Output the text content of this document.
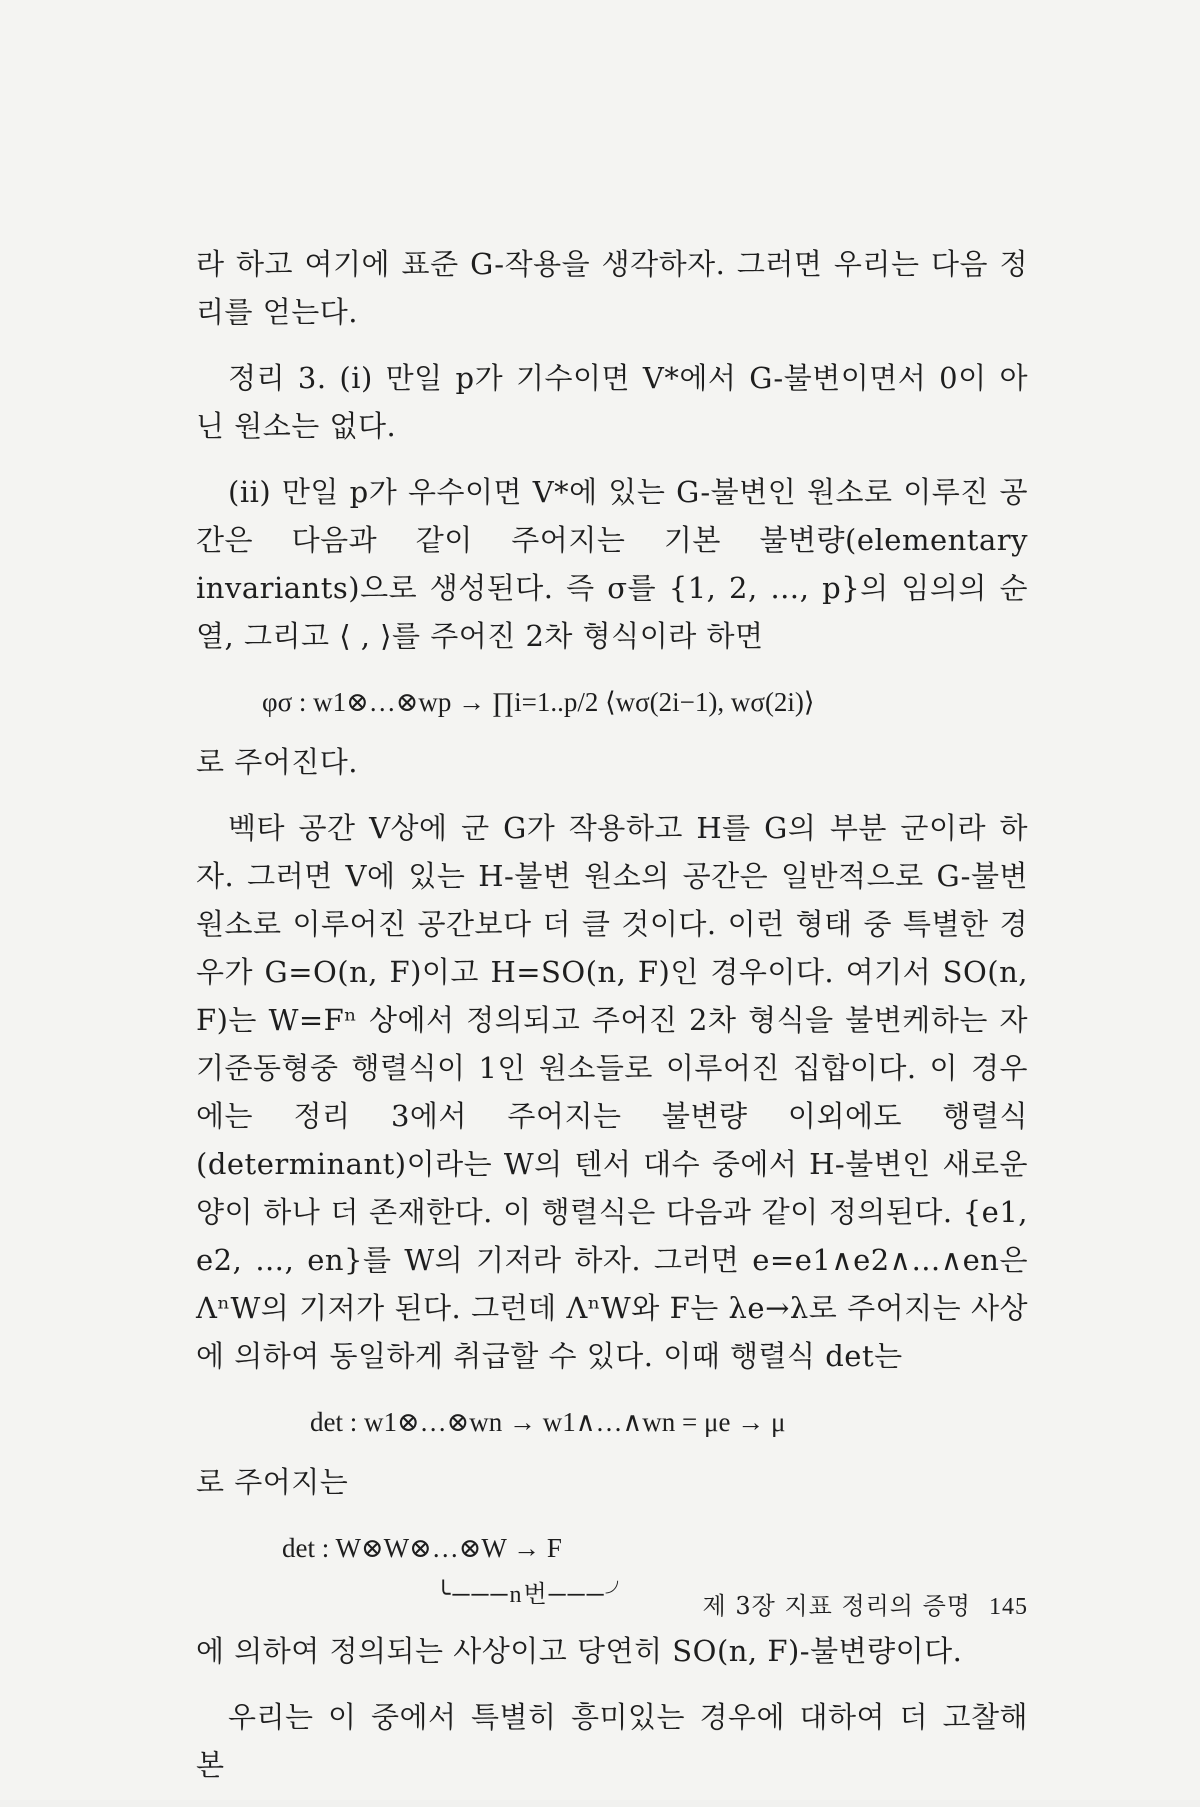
라 하고 여기에 표준 G-작용을 생각하자. 그러면 우리는 다음 정리를 얻는다.

정리 3. (i) 만일 p가 기수이면 V*에서 G-불변이면서 0이 아닌 원소는 없다.

(ii) 만일 p가 우수이면 V*에 있는 G-불변인 원소로 이루진 공간은 다음과 같이 주어지는 기본 불변량(elementary invariants)으로 생성된다. 즉 σ를 {1, 2, …, p}의 임의의 순열, 그리고 ⟨ , ⟩를 주어진 2차 형식이라 하면

φσ : w1⊗…⊗wp → ∏i=1..p/2 ⟨wσ(2i−1), wσ(2i)⟩

로 주어진다.

벡타 공간 V상에 군 G가 작용하고 H를 G의 부분 군이라 하자. 그러면 V에 있는 H-불변 원소의 공간은 일반적으로 G-불변 원소로 이루어진 공간보다 더 클 것이다. 이런 형태 중 특별한 경우가 G=O(n, F)이고 H=SO(n, F)인 경우이다. 여기서 SO(n, F)는 W=Fⁿ 상에서 정의되고 주어진 2차 형식을 불변케하는 자기준동형중 행렬식이 1인 원소들로 이루어진 집합이다. 이 경우에는 정리 3에서 주어지는 불변량 이외에도 행렬식(determinant)이라는 W의 텐서 대수 중에서 H-불변인 새로운 양이 하나 더 존재한다. 이 행렬식은 다음과 같이 정의된다. {e1, e2, …, en}를 W의 기저라 하자. 그러면 e=e1∧e2∧…∧en은 ΛⁿW의 기저가 된다. 그런데 ΛⁿW와 F는 λe→λ로 주어지는 사상에 의하여 동일하게 취급할 수 있다. 이때 행렬식 det는

det : w1⊗…⊗wn → w1∧…∧wn = μe → μ

로 주어지는

det : W⊗W⊗…⊗W → F
╰───n번───╯

에 의하여 정의되는 사상이고 당연히 SO(n, F)-불변량이다.

우리는 이 중에서 특별히 흥미있는 경우에 대하여 더 고찰해 본

제 3장 지표 정리의 증명 145
